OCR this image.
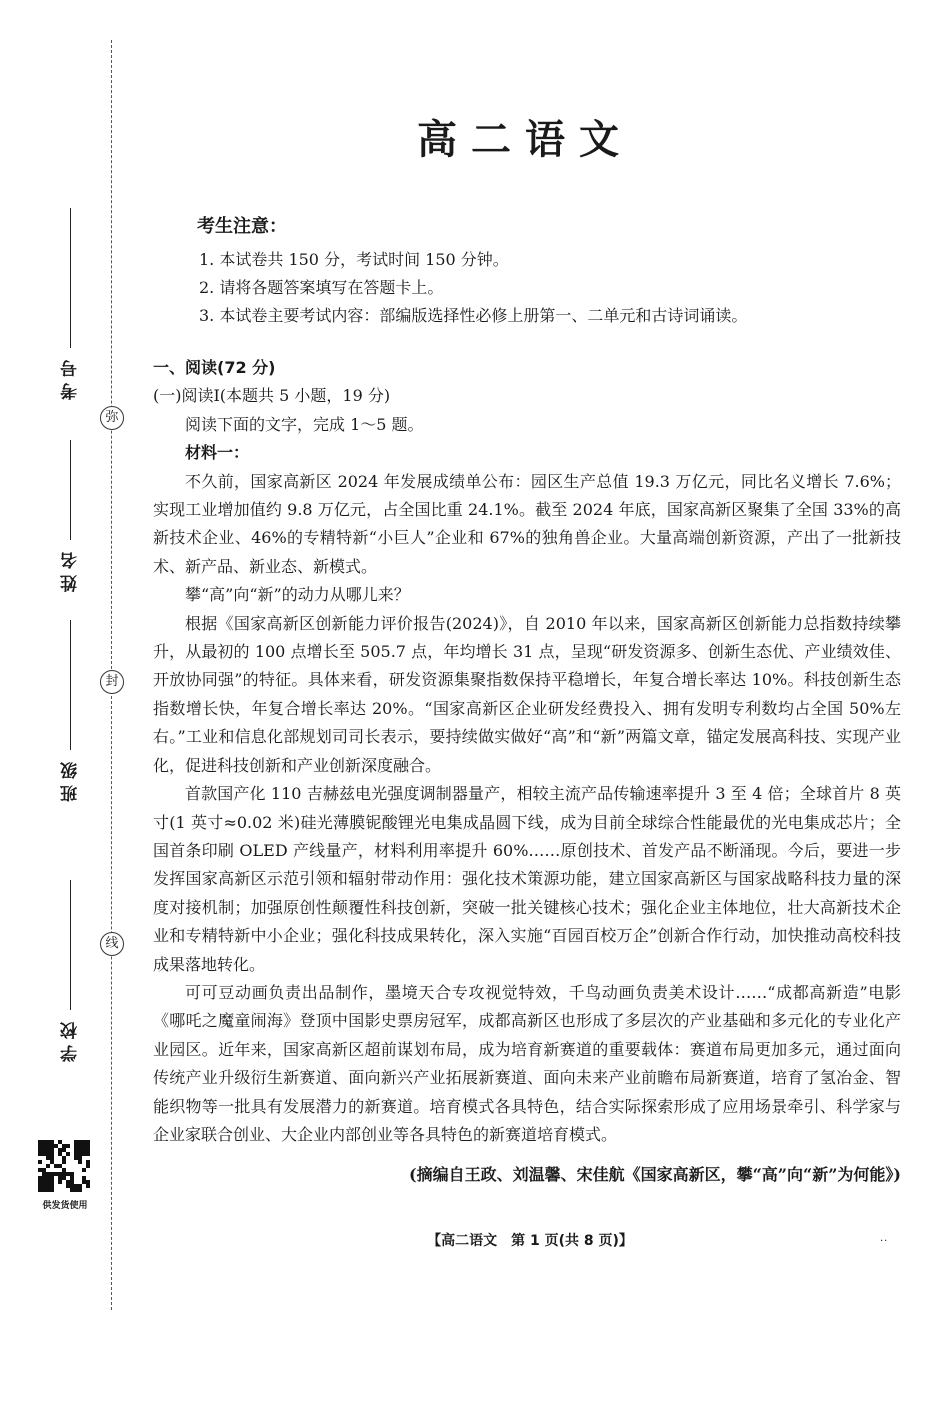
弥
封
线
考号
姓名
班级
学校
供发货使用
高二语文
考生注意：
1. 本试卷共 150 分，考试时间 150 分钟。
2. 请将各题答案填写在答题卡上。
3. 本试卷主要考试内容：部编版选择性必修上册第一、二单元和古诗词诵读。
一、阅读(72 分)
(一)阅读Ⅰ(本题共 5 小题，19 分)
阅读下面的文字，完成 1～5 题。
材料一：

不久前，国家高新区 2024 年发展成绩单公布：园区生产总值 19.3 万亿元，同比名义增长 7.6%；实现工业增加值约 9.8 万亿元，占全国比重 24.1%。截至 2024 年底，国家高新区聚集了全国 33%的高新技术企业、46%的专精特新“小巨人”企业和 67%的独角兽企业。大量高端创新资源，产出了一批新技术、新产品、新业态、新模式。

攀“高”向“新”的动力从哪儿来？

根据《国家高新区创新能力评价报告(2024)》，自 2010 年以来，国家高新区创新能力总指数持续攀升，从最初的 100 点增长至 505.7 点，年均增长 31 点，呈现“研发资源多、创新生态优、产业绩效佳、开放协同强”的特征。具体来看，研发资源集聚指数保持平稳增长，年复合增长率达 10%。科技创新生态指数增长快，年复合增长率达 20%。“国家高新区企业研发经费投入、拥有发明专利数均占全国 50%左右。”工业和信息化部规划司司长表示，要持续做实做好“高”和“新”两篇文章，锚定发展高科技、实现产业化，促进科技创新和产业创新深度融合。

首款国产化 110 吉赫兹电光强度调制器量产，相较主流产品传输速率提升 3 至 4 倍；全球首片 8 英寸(1 英寸≈0.02 米)硅光薄膜铌酸锂光电集成晶圆下线，成为目前全球综合性能最优的光电集成芯片；全国首条印刷 OLED 产线量产，材料利用率提升 60%……原创技术、首发产品不断涌现。今后，要进一步发挥国家高新区示范引领和辐射带动作用：强化技术策源功能，建立国家高新区与国家战略科技力量的深度对接机制；加强原创性颠覆性科技创新，突破一批关键核心技术；强化企业主体地位，壮大高新技术企业和专精特新中小企业；强化科技成果转化，深入实施“百园百校万企”创新合作行动，加快推动高校科技成果落地转化。

可可豆动画负责出品制作，墨境天合专攻视觉特效，千鸟动画负责美术设计……“成都高新造”电影《哪吒之魔童闹海》登顶中国影史票房冠军，成都高新区也形成了多层次的产业基础和多元化的专业化产业园区。近年来，国家高新区超前谋划布局，成为培育新赛道的重要载体：赛道布局更加多元，通过面向传统产业升级衍生新赛道、面向新兴产业拓展新赛道、面向未来产业前瞻布局新赛道，培育了氢冶金、智能织物等一批具有发展潜力的新赛道。培育模式各具特色，结合实际探索形成了应用场景牵引、科学家与企业家联合创业、大企业内部创业等各具特色的新赛道培育模式。

(摘编自王政、刘温馨、宋佳航《国家高新区，攀“高”向“新”为何能》)
【高二语文　第 1 页(共 8 页)】	··
